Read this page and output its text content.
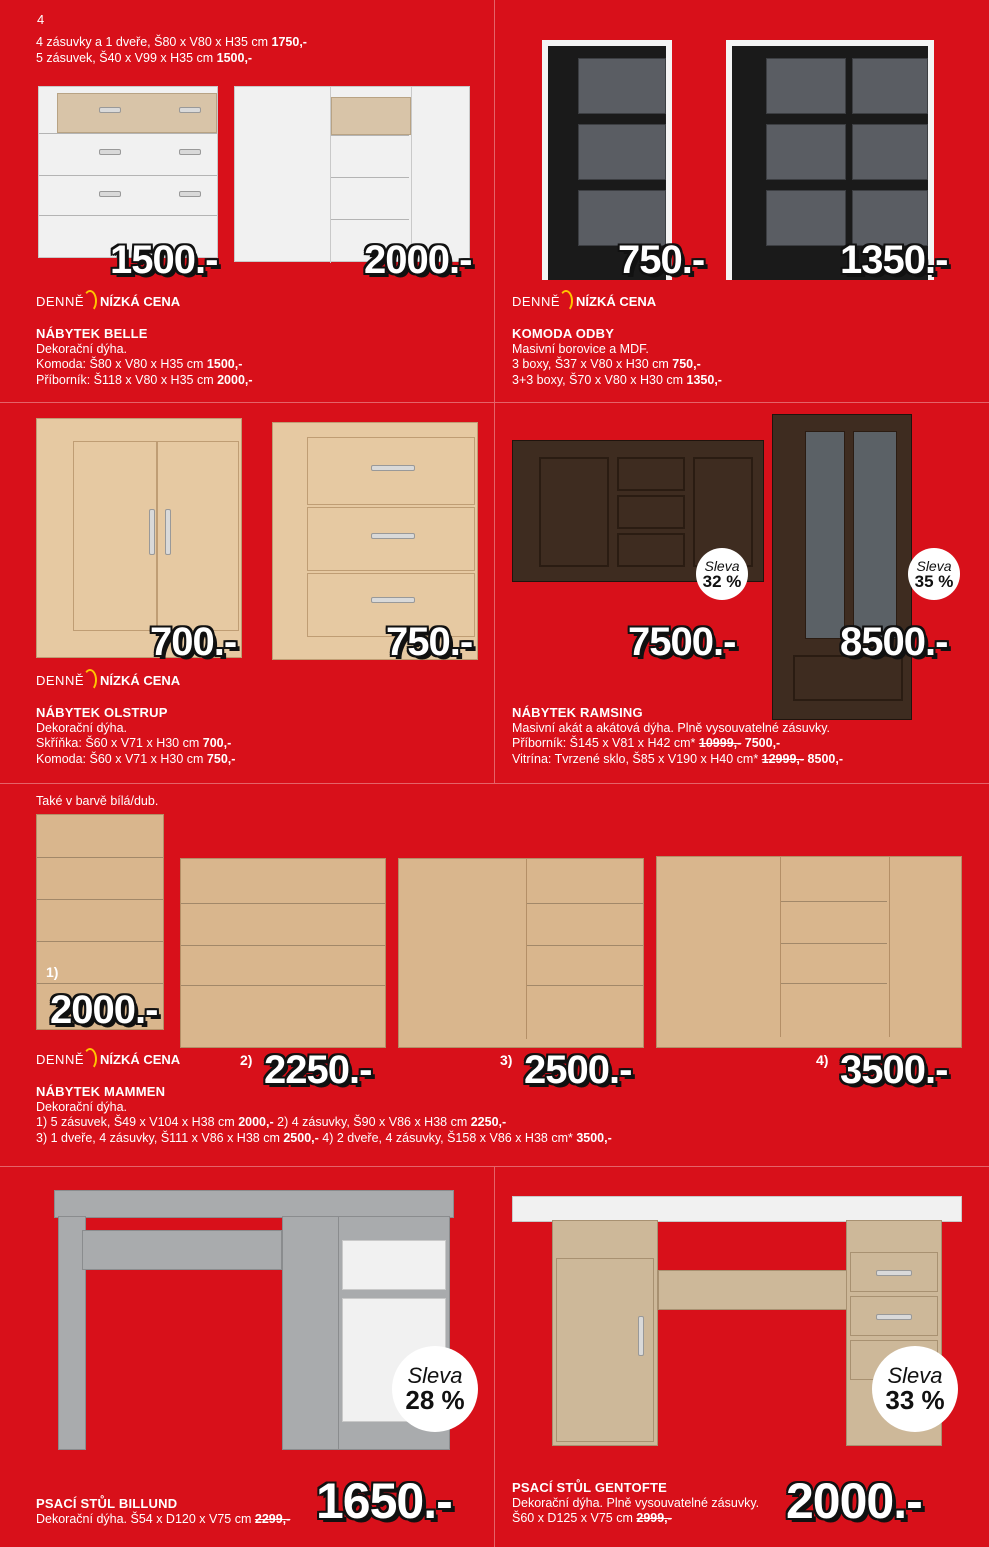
4
4 zásuvky a 1 dveře, Š80 x V80 x H35 cm 1750,-
5 zásuvek, Š40 x V99 x H35 cm 1500,-
1500.-	2000.-
DENNĚ NÍZKÁ CENA
NÁBYTEK BELLE
Dekorační dýha.
Komoda: Š80 x V80 x H35 cm 1500,-
Příborník: Š118 x V80 x H35 cm 2000,-
750.-	1350.-
DENNĚ NÍZKÁ CENA
KOMODA ODBY
Masivní borovice a MDF.
3 boxy, Š37 x V80 x H30 cm 750,-
3+3 boxy, Š70 x V80 x H30 cm 1350,-
700.-	750.-
DENNĚ NÍZKÁ CENA
NÁBYTEK OLSTRUP
Dekorační dýha.
Skříňka: Š60 x V71 x H30 cm 700,-
Komoda: Š60 x V71 x H30 cm 750,-
Sleva
32 %
Sleva
35 %
7500.-	8500.-
NÁBYTEK RAMSING
Masivní akát a akátová dýha. Plně vysouvatelné zásuvky.
Příborník: Š145 x V81 x H42 cm* 10999,- 7500,-
Vitrína: Tvrzené sklo, Š85 x V190 x H40 cm* 12999,- 8500,-
Také v barvě bílá/dub.
1)
2)	3)	4)
2000.-
2250.-	2500.-	3500.-
DENNĚ NÍZKÁ CENA
NÁBYTEK MAMMEN
Dekorační dýha.
1) 5 zásuvek, Š49 x V104 x H38 cm 2000,- 2) 4 zásuvky, Š90 x V86 x H38 cm 2250,-
3) 1 dveře, 4 zásuvky, Š111 x V86 x H38 cm 2500,- 4) 2 dveře, 4 zásuvky, Š158 x V86 x H38 cm* 3500,-
Sleva
28 %
1650.-
PSACÍ STŮL BILLUND
Dekorační dýha. Š54 x D120 x V75 cm 2299,-
Sleva
33 %
2000.-
PSACÍ STŮL GENTOFTE
Dekorační dýha. Plně vysouvatelné zásuvky.
Š60 x D125 x V75 cm 2999,-
